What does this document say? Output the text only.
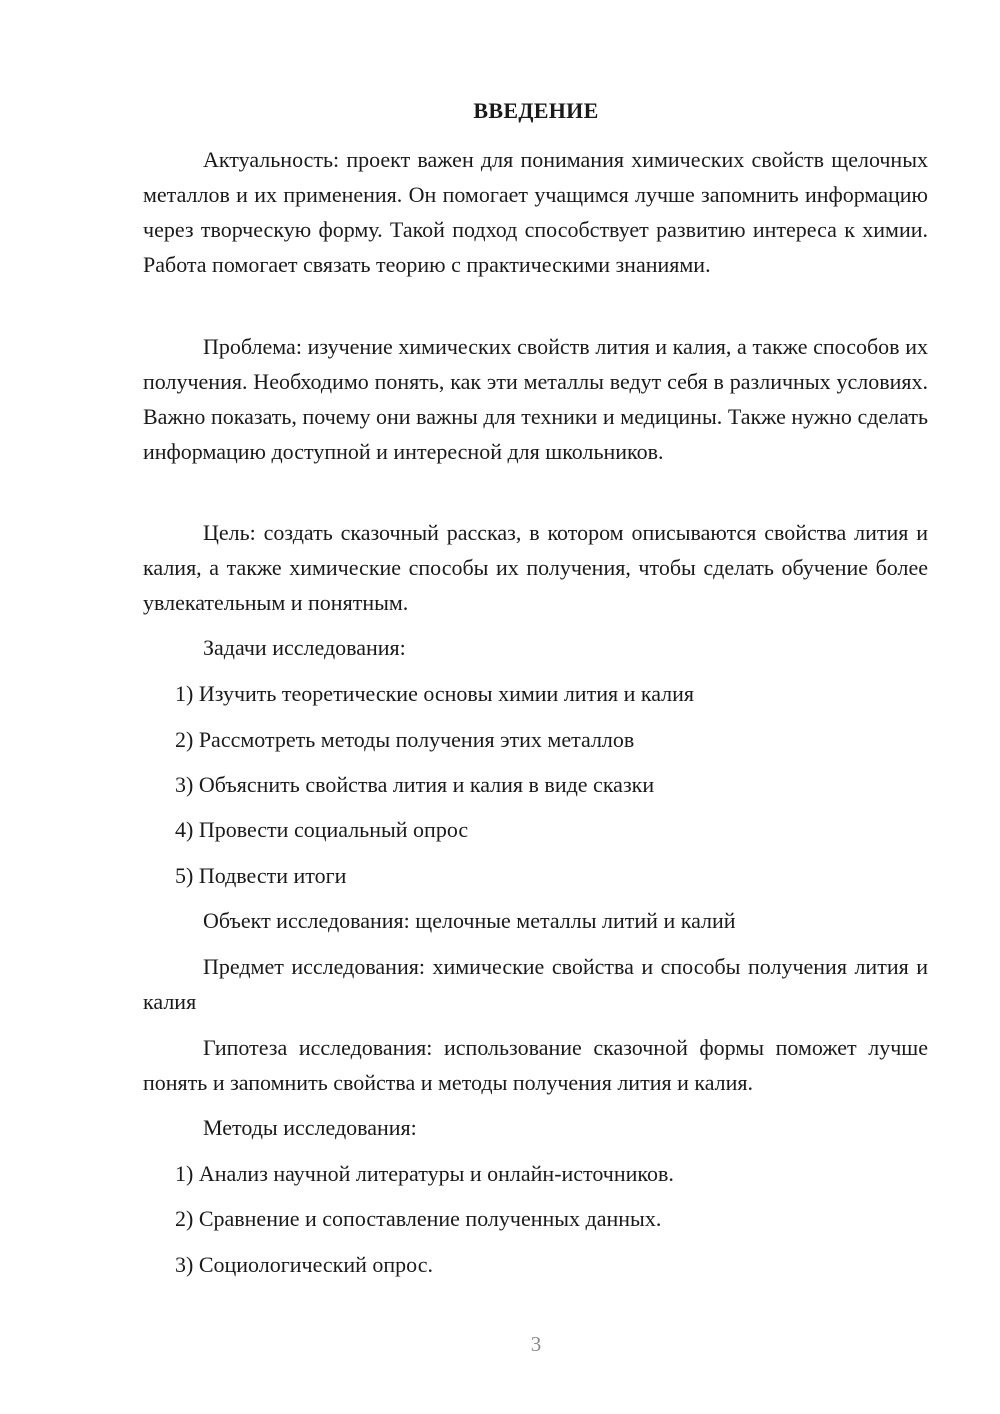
ВВЕДЕНИЕ
Актуальность: проект важен для понимания химических свойств щелочных металлов и их применения. Он помогает учащимся лучше запомнить информацию через творческую форму. Такой подход способствует развитию интереса к химии. Работа помогает связать теорию с практическими знаниями.
Проблема: изучение химических свойств лития и калия, а также способов их получения. Необходимо понять, как эти металлы ведут себя в различных условиях. Важно показать, почему они важны для техники и медицины. Также нужно сделать информацию доступной и интересной для школьников.
Цель: создать сказочный рассказ, в котором описываются свойства лития и калия, а также химические способы их получения, чтобы сделать обучение более увлекательным и понятным.
Задачи исследования:
1) Изучить теоретические основы химии лития и калия
2) Рассмотреть методы получения этих металлов
3) Объяснить свойства лития и калия в виде сказки
4) Провести социальный опрос
5) Подвести итоги
Объект исследования: щелочные металлы литий и калий
Предмет исследования: химические свойства и способы получения лития и калия
Гипотеза исследования: использование сказочной формы поможет лучше понять и запомнить свойства и методы получения лития и калия.
Методы исследования:
1) Анализ научной литературы и онлайн-источников.
2) Сравнение и сопоставление полученных данных.
3) Социологический опрос.
3
